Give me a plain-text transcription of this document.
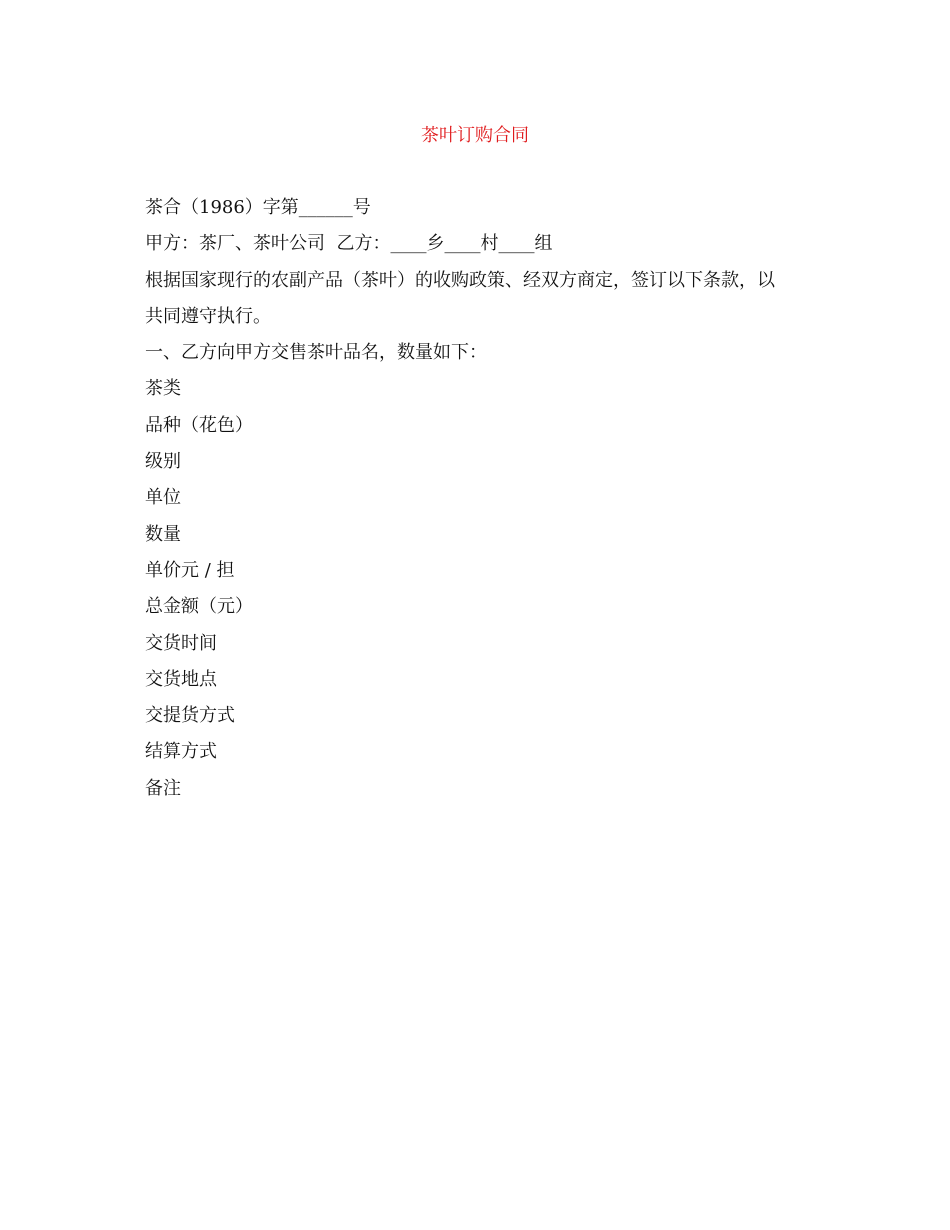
茶叶订购合同
茶合（1986）字第______号
甲方：茶厂、茶叶公司  乙方：____乡____村____组
根据国家现行的农副产品（茶叶）的收购政策、经双方商定，签订以下条款，以
共同遵守执行。
一、乙方向甲方交售茶叶品名，数量如下：
茶类
品种（花色）
级别
单位
数量
单价元 / 担
总金额（元）
交货时间
交货地点
交提货方式
结算方式
备注
